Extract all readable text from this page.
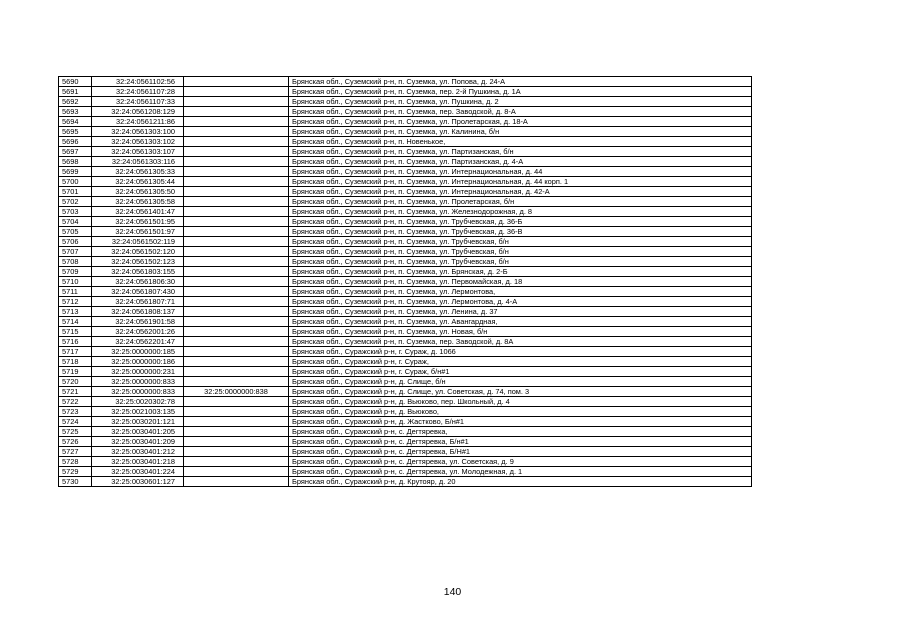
5690	32:24:0561102:56		Брянская обл., Суземский р-н, п. Суземка, ул. Попова, д. 24-А
5691	32:24:0561107:28		Брянская обл., Суземский р-н, п. Суземка, пер. 2-й Пушкина, д. 1А
5692	32:24:0561107:33		Брянская обл., Суземский р-н, п. Суземка, ул. Пушкина, д. 2
5693	32:24:0561208:129		Брянская обл., Суземский р-н, п. Суземка, пер. Заводской, д. 8-А
5694	32:24:0561211:86		Брянская обл., Суземский р-н, п. Суземка, ул. Пролетарская, д. 18-А
5695	32:24:0561303:100		Брянская обл., Суземский р-н, п. Суземка, ул. Калинина, б/н
5696	32:24:0561303:102		Брянская обл., Суземский р-н, п. Новенькое,
5697	32:24:0561303:107		Брянская обл., Суземский р-н, п. Суземка, ул. Партизанская, б/н
5698	32:24:0561303:116		Брянская обл., Суземский р-н, п. Суземка, ул. Партизанская, д. 4-А
5699	32:24:0561305:33		Брянская обл., Суземский р-н, п. Суземка, ул. Интернациональная, д. 44
5700	32:24:0561305:44		Брянская обл., Суземский р-н, п. Суземка, ул. Интернациональная, д. 44 корп. 1
5701	32:24:0561305:50		Брянская обл., Суземский р-н, п. Суземка, ул. Интернациональная, д. 42-А
5702	32:24:0561305:58		Брянская обл., Суземский р-н, п. Суземка, ул. Пролетарская, б/н
5703	32:24:0561401:47		Брянская обл., Суземский р-н, п. Суземка, ул. Железнодорожная, д. 8
5704	32:24:0561501:95		Брянская обл., Суземский р-н, п. Суземка, ул. Трубчевская, д. 36-Б
5705	32:24:0561501:97		Брянская обл., Суземский р-н, п. Суземка, ул. Трубчевская, д. 36-В
5706	32:24:0561502:119		Брянская обл., Суземский р-н, п. Суземка, ул. Трубчевская, б/н
5707	32:24:0561502:120		Брянская обл., Суземский р-н, п. Суземка, ул. Трубчевская, б/н
5708	32:24:0561502:123		Брянская обл., Суземский р-н, п. Суземка, ул. Трубчевская, б/н
5709	32:24:0561803:155		Брянская обл., Суземский р-н, п. Суземка, ул. Брянская, д. 2-Б
5710	32:24:0561806:30		Брянская обл., Суземский р-н, п. Суземка, ул. Первомайская, д. 18
5711	32:24:0561807:430		Брянская обл., Суземский р-н, п. Суземка, ул. Лермонтова,
5712	32:24:0561807:71		Брянская обл., Суземский р-н, п. Суземка, ул. Лермонтова, д. 4-А
5713	32:24:0561808:137		Брянская обл., Суземский р-н, п. Суземка, ул. Ленина, д. 37
5714	32:24:0561901:58		Брянская обл., Суземский р-н, п. Суземка, ул. Авангардная,
5715	32:24:0562001:26		Брянская обл., Суземский р-н, п. Суземка, ул. Новая, б/н
5716	32:24:0562201:47		Брянская обл., Суземский р-н, п. Суземка, пер. Заводской, д. 8А
5717	32:25:0000000:185		Брянская обл., Суражский р-н, г. Сураж, д. 1066
5718	32:25:0000000:186		Брянская обл., Суражский р-н, г. Сураж,
5719	32:25:0000000:231		Брянская обл., Суражский р-н, г. Сураж, б/н#1
5720	32:25:0000000:833		Брянская обл., Суражский р-н, д. Слище, б/н
5721	32:25:0000000:833	32:25:0000000:838	Брянская обл., Суражский р-н, д. Слище, ул. Советская, д. 74, пом. 3
5722	32:25:0020302:78		Брянская обл., Суражский р-н, д. Вьюково, пер. Школьный, д. 4
5723	32:25:0021003:135		Брянская обл., Суражский р-н, д. Вьюково,
5724	32:25:0030201:121		Брянская обл., Суражский р-н, д. Жастково, Б/н#1
5725	32:25:0030401:205		Брянская обл., Суражский р-н, с. Дегтяревка,
5726	32:25:0030401:209		Брянская обл., Суражский р-н, с. Дегтяревка, Б/н#1
5727	32:25:0030401:212		Брянская обл., Суражский р-н, с. Дегтяревка, Б/Н#1
5728	32:25:0030401:218		Брянская обл., Суражский р-н, с. Дегтяревка, ул. Советская, д. 9
5729	32:25:0030401:224		Брянская обл., Суражский р-н, с. Дегтяревка, ул. Молодежная, д. 1
5730	32:25:0030601:127		Брянская обл., Суражский р-н, д. Крутояр, д. 20
140
